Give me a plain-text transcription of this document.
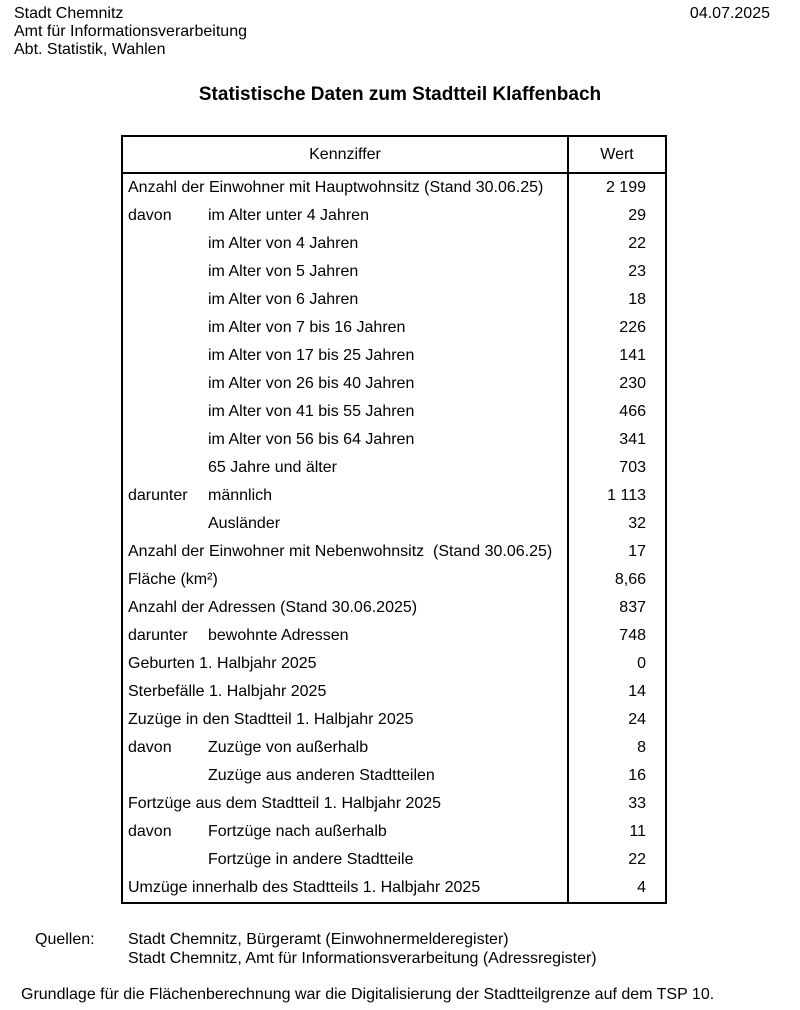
Stadt Chemnitz
Amt für Informationsverarbeitung
Abt. Statistik, Wahlen
04.07.2025
Statistische Daten zum Stadtteil Klaffenbach
Kennziffer	Wert
Anzahl der Einwohner mit Hauptwohnsitz (Stand 30.06.25)	2 199
davon	im Alter unter 4 Jahren	29
im Alter von 4 Jahren	22
im Alter von 5 Jahren	23
im Alter von 6 Jahren	18
im Alter von 7 bis 16 Jahren	226
im Alter von 17 bis 25 Jahren	141
im Alter von 26 bis 40 Jahren	230
im Alter von 41 bis 55 Jahren	466
im Alter von 56 bis 64 Jahren	341
65 Jahre und älter	703
darunter	männlich	1 113
Ausländer	32
Anzahl der Einwohner mit Nebenwohnsitz  (Stand 30.06.25)	17
Fläche (km²)	8,66
Anzahl der Adressen (Stand 30.06.2025)	837
darunter	bewohnte Adressen	748
Geburten 1. Halbjahr 2025	0
Sterbefälle 1. Halbjahr 2025	14
Zuzüge in den Stadtteil 1. Halbjahr 2025	24
davon	Zuzüge von außerhalb	8
Zuzüge aus anderen Stadtteilen	16
Fortzüge aus dem Stadtteil 1. Halbjahr 2025	33
davon	Fortzüge nach außerhalb	11
Fortzüge in andere Stadtteile	22
Umzüge innerhalb des Stadtteils 1. Halbjahr 2025	4
Quellen:	Stadt Chemnitz, Bürgeramt (Einwohnermelderegister)
Stadt Chemnitz, Amt für Informationsverarbeitung (Adressregister)
Grundlage für die Flächenberechnung war die Digitalisierung der Stadtteilgrenze auf dem TSP 10.
